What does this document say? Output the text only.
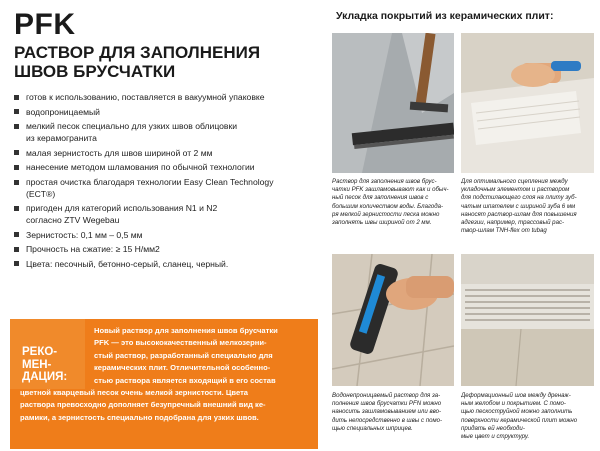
PFK
РАСТВОР ДЛЯ ЗАПОЛНЕНИЯ
ШВОВ БРУСЧАТКИ
готов к использованию, поставляется в вакуумной упаковке
водопроницаемый
мелкий песок специально для узких швов облицовки
из керамогранита
малая зернистость для швов шириной от 2 мм
нанесение методом шламования по обычной технологии
простая очистка благодаря технологии Easy Clean Technology
(ECT®)
пригоден для категорий использования N1 и N2
согласно ZTV Wegebau
Зернистость: 0,1 мм – 0,5 мм
Прочность на сжатие: ≥ 15 Н/мм2
Цвета: песочный, бетонно-серый, сланец, черный.
РЕКО-
МЕН-
ДАЦИЯ:
Новый раствор для заполнения швов брусчатки
PFK — это высококачественный мелкозерни-
стый раствор, разработанный специально для
керамических плит. Отличительной особенно-
стью раствора является входящий в его состав
цветной кварцевый песок очень мелкой зернистости. Цвета
раствора превосходно дополняет безупречный внешний вид ке-
рамики, а зернистость специально подобрана для узких швов.
Укладка покрытий из керамических плит:
Раствор для заполнения швов брус-
чатки PFK зашламовывают как и обыч-
ный песок для заполнения швов с
большим количеством воды. Благода-
ря мелкой зернистости песка можно
заполнять швы шириной от 2 мм.
Для оптимального сцепления между
укладочным элементом и раствором
для подстилающего слоя на плиту зуб-
чатым шпателем с шириной зуба 6 мм
наносят раствор-шлам для повышения
адгезии, например, трассовый рас-
твор-шлам TNH-flex от tubag
Водонепроницаемый раствор для за-
полнения швов брусчатки PFN можно
наносить зашламовыванием или вво-
дить непосредственно в швы с помо-
щью специальных шприцев.
Деформационный шов между дренаж-
ным желобом и покрытием. С помо-
щью пескоструйной можно заполнить
поверхности керамической плит можно
придать ей необходи-
мые цвет и структуру.
